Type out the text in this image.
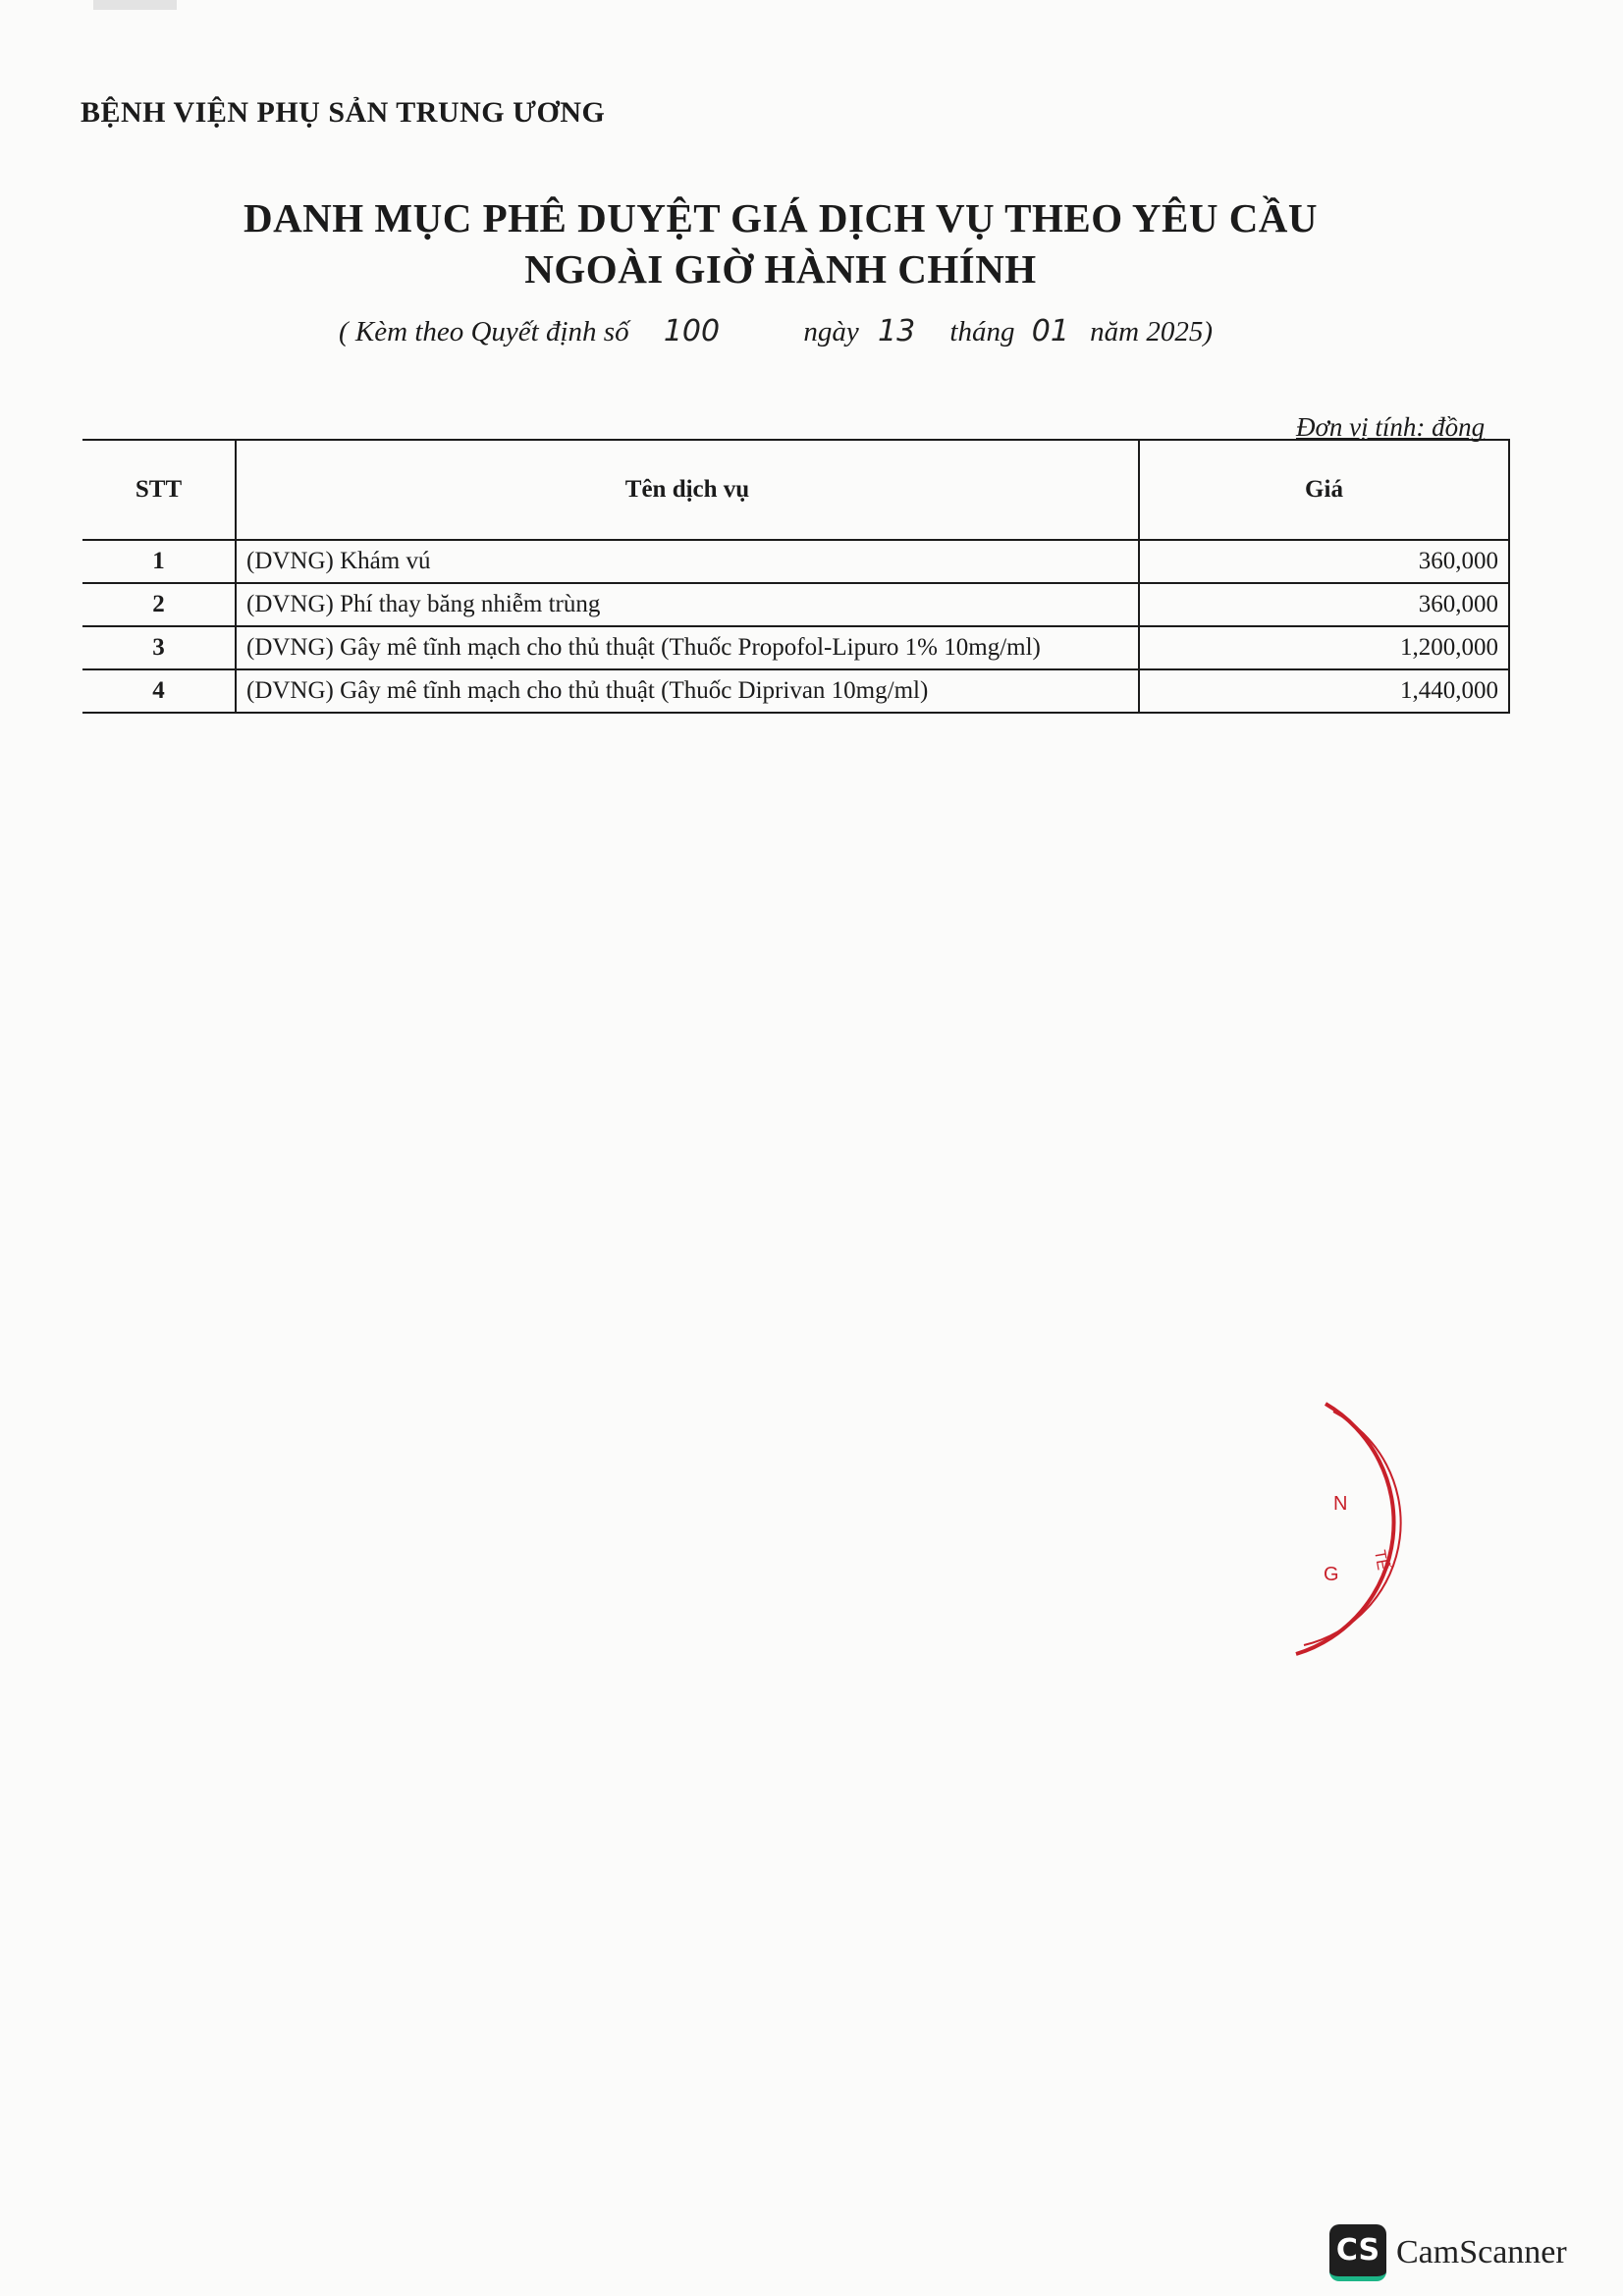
BỆNH VIỆN PHỤ SẢN TRUNG ƯƠNG
DANH MỤC PHÊ DUYỆT GIÁ DỊCH VỤ THEO YÊU CẦU
NGOÀI GIỜ HÀNH CHÍNH
( Kèm theo Quyết định số 100	ngày 13 tháng 01 năm 2025)
Đơn vị tính: đồng
STT	Tên dịch vụ	Giá
1	(DVNG) Khám vú	360,000
2	(DVNG) Phí thay băng nhiễm trùng	360,000
3	(DVNG) Gây mê tĩnh mạch cho thủ thuật (Thuốc Propofol-Lipuro 1% 10mg/ml)	1,200,000
4	(DVNG) Gây mê tĩnh mạch cho thủ thuật (Thuốc Diprivan 10mg/ml)	1,440,000
N
G
TẾ
CS CamScanner
